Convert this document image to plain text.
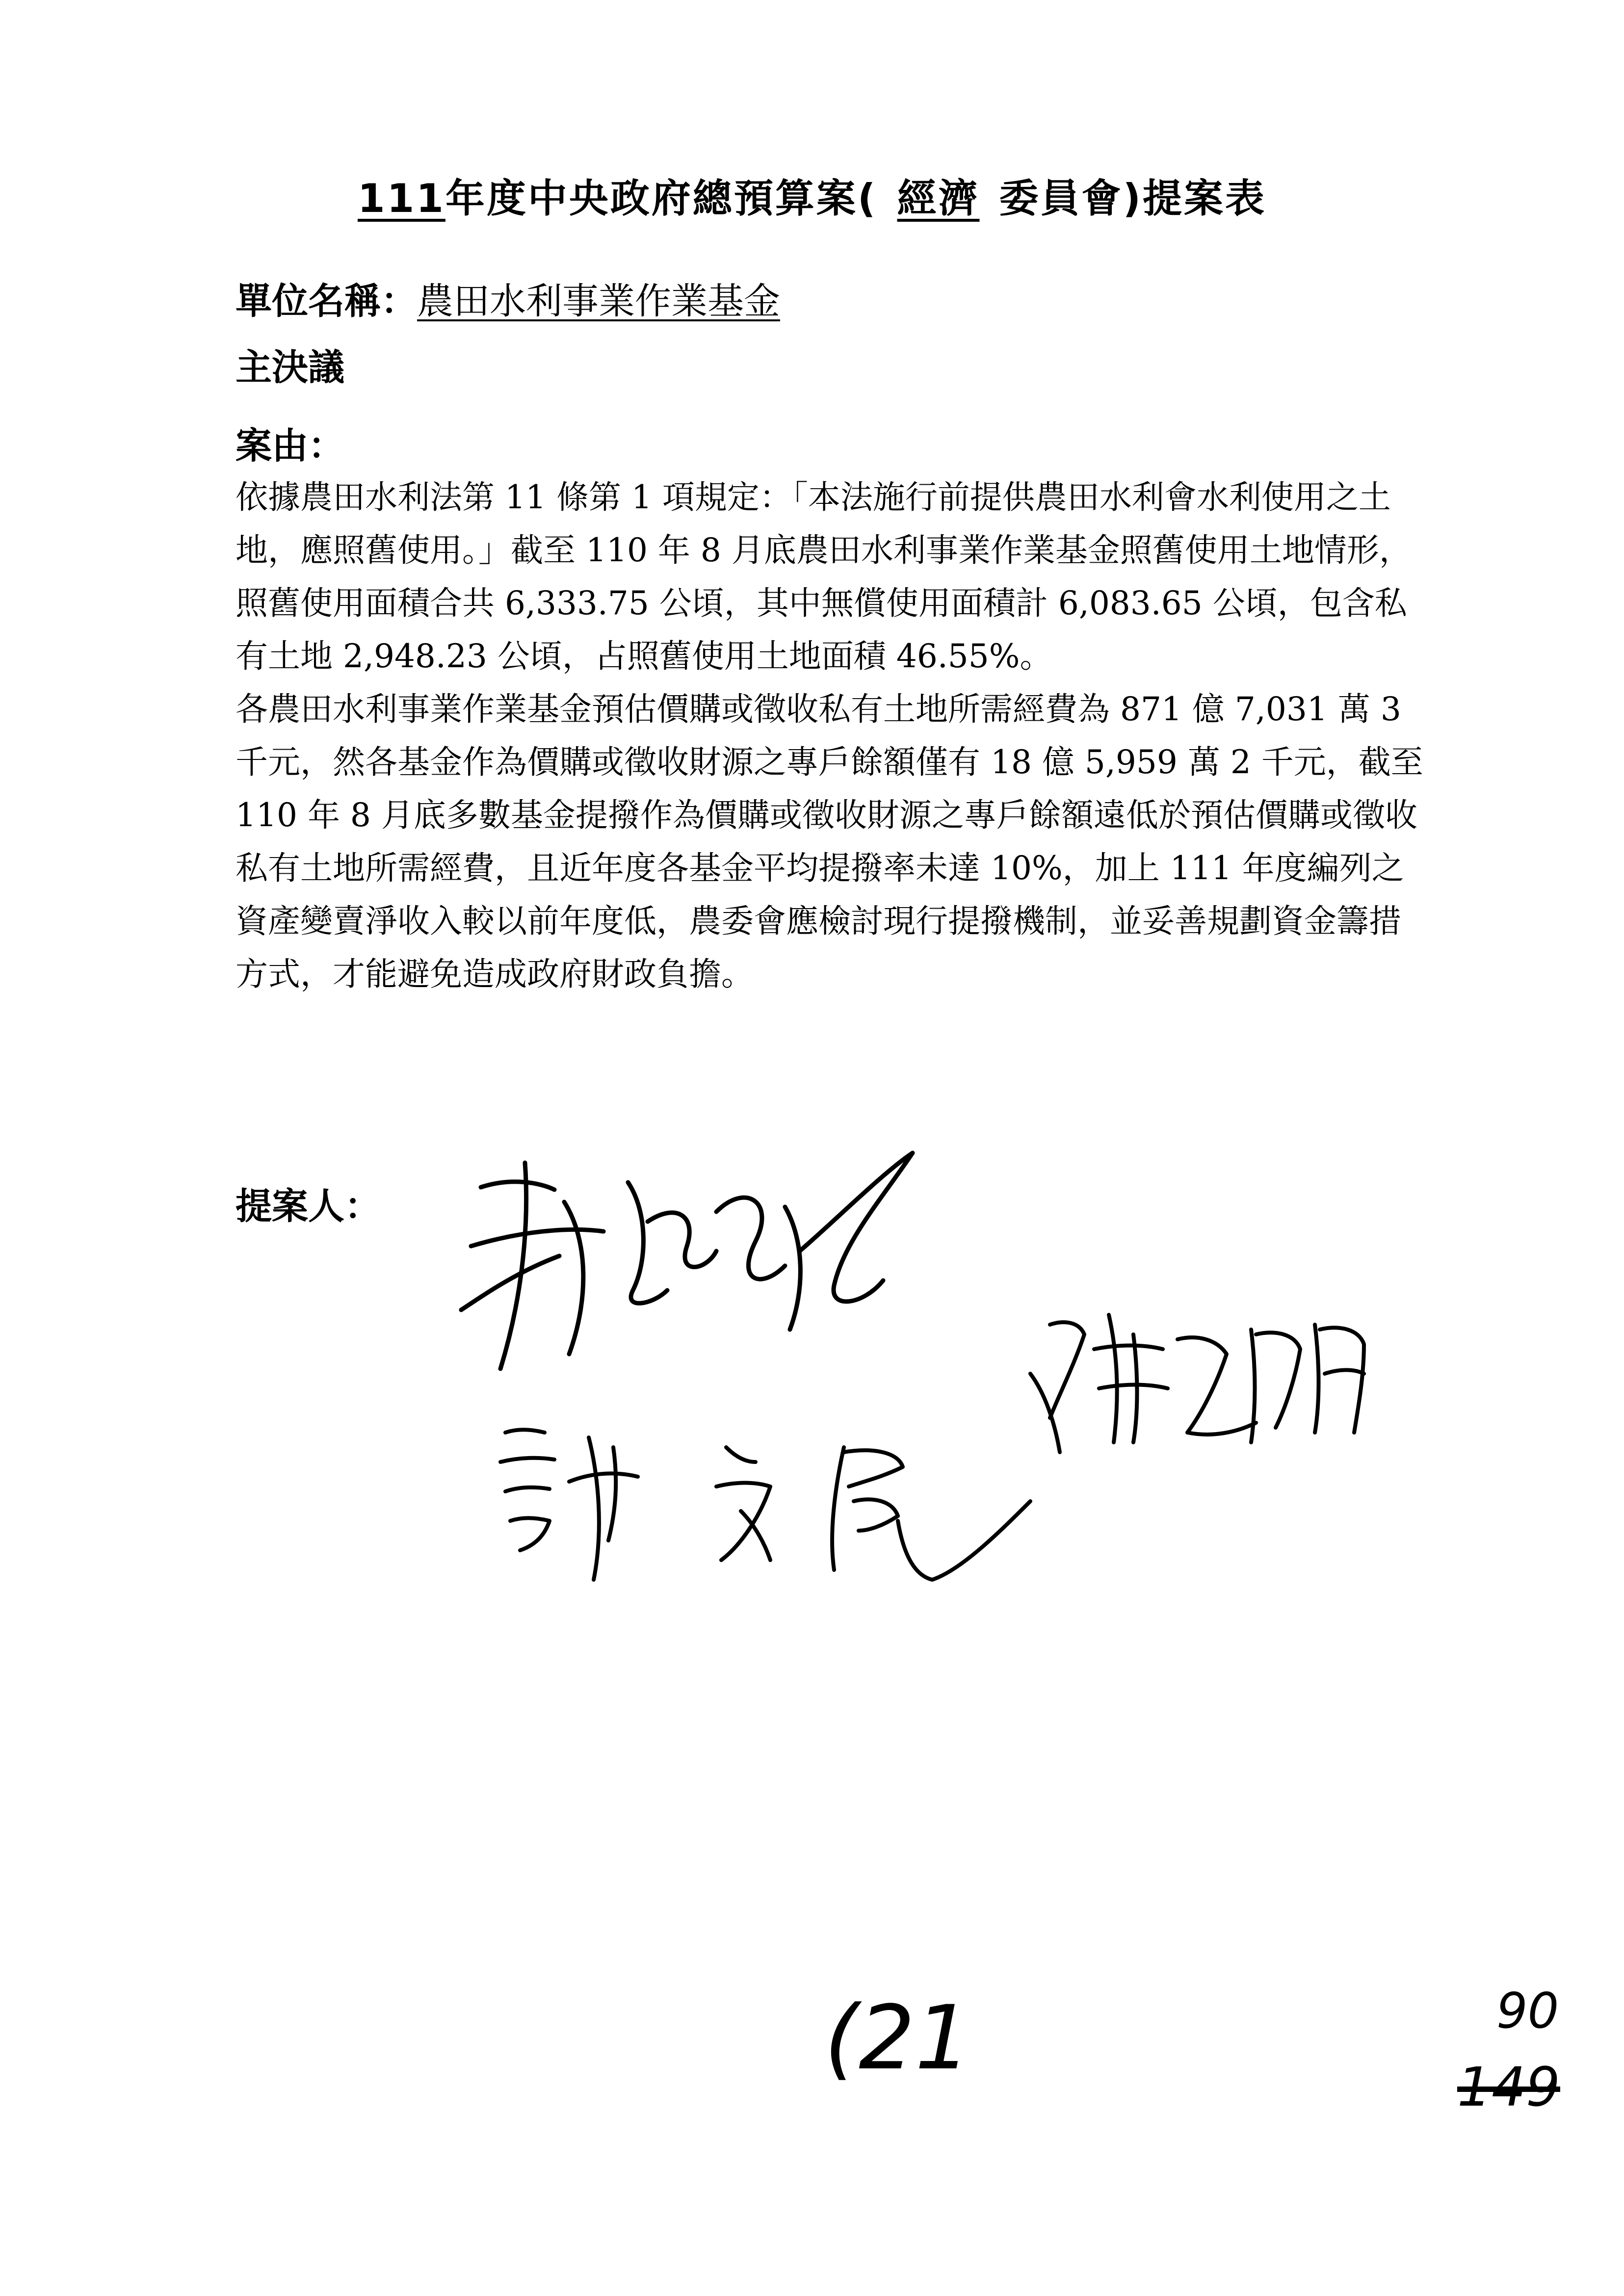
111年度中央政府總預算案( 經濟 委員會)提案表
單位名稱：農田水利事業作業基金
主決議
案由：

依據農田水利法第 11 條第 1 項規定：「本法施行前提供農田水利會水利使用之土地，應照舊使用。」截至 110 年 8 月底農田水利事業作業基金照舊使用土地情形，照舊使用面積合共 6,333.75 公頃，其中無償使用面積計 6,083.65 公頃，包含私有土地 2,948.23 公頃，占照舊使用土地面積 46.55%。

各農田水利事業作業基金預估價購或徵收私有土地所需經費為 871 億 7,031 萬 3 千元，然各基金作為價購或徵收財源之專戶餘額僅有 18 億 5,959 萬 2 千元，截至 110 年 8 月底多數基金提撥作為價購或徵收財源之專戶餘額遠低於預估價購或徵收私有土地所需經費，且近年度各基金平均提撥率未達 10%，加上 111 年度編列之資產變賣淨收入較以前年度低，農委會應檢討現行提撥機制，並妥善規劃資金籌措方式，才能避免造成政府財政負擔。

提案人：
(21	90
149
